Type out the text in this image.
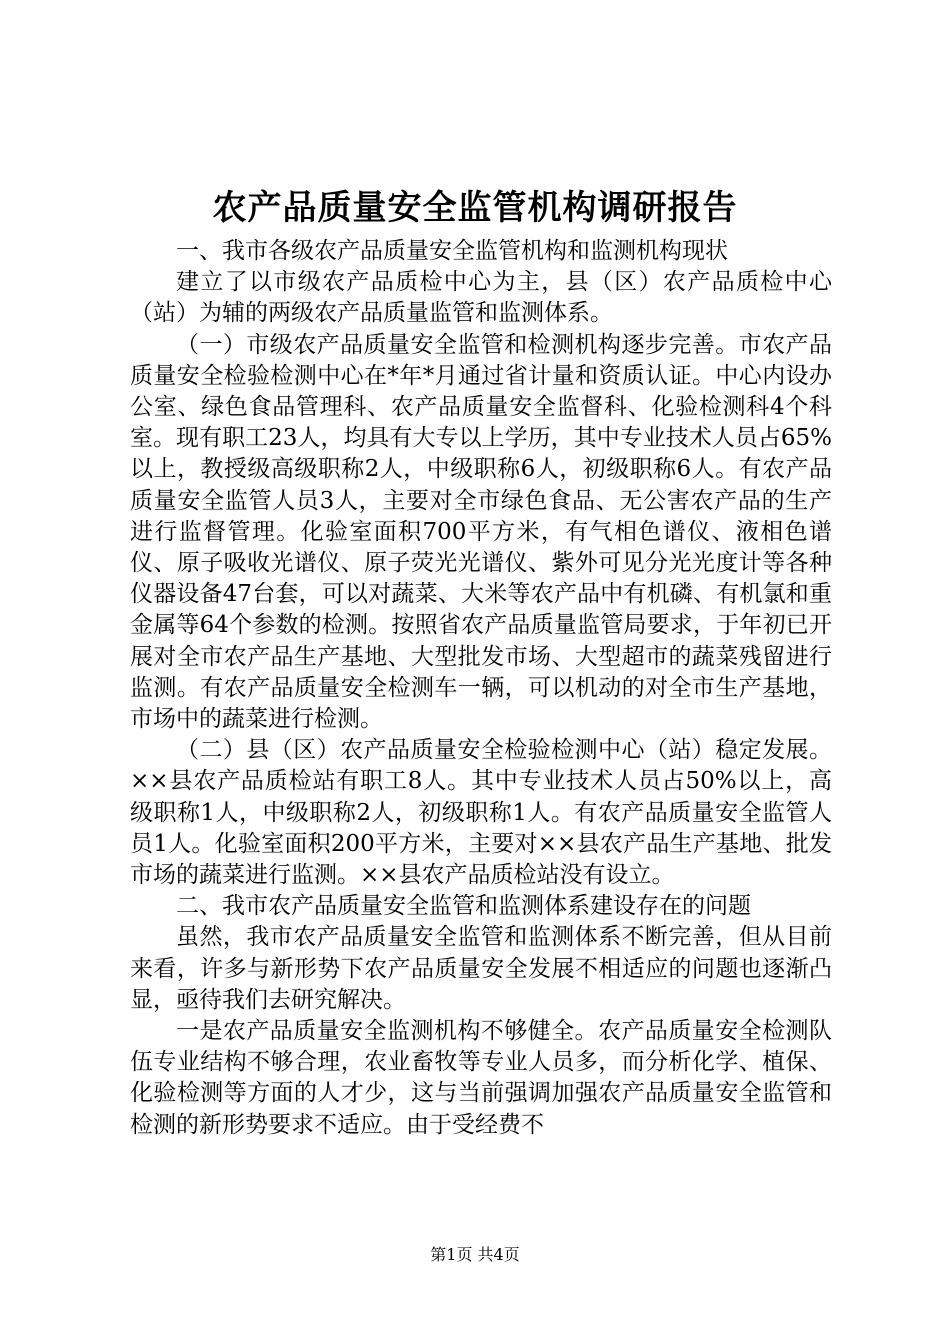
农产品质量安全监管机构调研报告

一、我市各级农产品质量安全监管机构和监测机构现状

建立了以市级农产品质检中心为主，县（区）农产品质检中心（站）为辅的两级农产品质量监管和监测体系。

（一）市级农产品质量安全监管和检测机构逐步完善。市农产品质量安全检验检测中心在*年*月通过省计量和资质认证。中心内设办公室、绿色食品管理科、农产品质量安全监督科、化验检测科4个科室。现有职工23人，均具有大专以上学历，其中专业技术人员占65%以上，教授级高级职称2人，中级职称6人，初级职称6人。有农产品质量安全监管人员3人，主要对全市绿色食品、无公害农产品的生产进行监督管理。化验室面积700平方米，有气相色谱仪、液相色谱仪、原子吸收光谱仪、原子荧光光谱仪、紫外可见分光光度计等各种仪器设备47台套，可以对蔬菜、大米等农产品中有机磷、有机氯和重金属等64个参数的检测。按照省农产品质量监管局要求，于年初已开展对全市农产品生产基地、大型批发市场、大型超市的蔬菜残留进行监测。有农产品质量安全检测车一辆，可以机动的对全市生产基地，市场中的蔬菜进行检测。

（二）县（区）农产品质量安全检验检测中心（站）稳定发展。××县农产品质检站有职工8人。其中专业技术人员占50%以上，高级职称1人，中级职称2人，初级职称1人。有农产品质量安全监管人员1人。化验室面积200平方米，主要对××县农产品生产基地、批发市场的蔬菜进行监测。××县农产品质检站没有设立。

二、我市农产品质量安全监管和监测体系建设存在的问题

虽然，我市农产品质量安全监管和监测体系不断完善，但从目前来看，许多与新形势下农产品质量安全发展不相适应的问题也逐渐凸显，亟待我们去研究解决。

一是农产品质量安全监测机构不够健全。农产品质量安全检测队伍专业结构不够合理，农业畜牧等专业人员多，而分析化学、植保、化验检测等方面的人才少，这与当前强调加强农产品质量安全监管和检测的新形势要求不适应。由于受经费不

第1页 共4页
